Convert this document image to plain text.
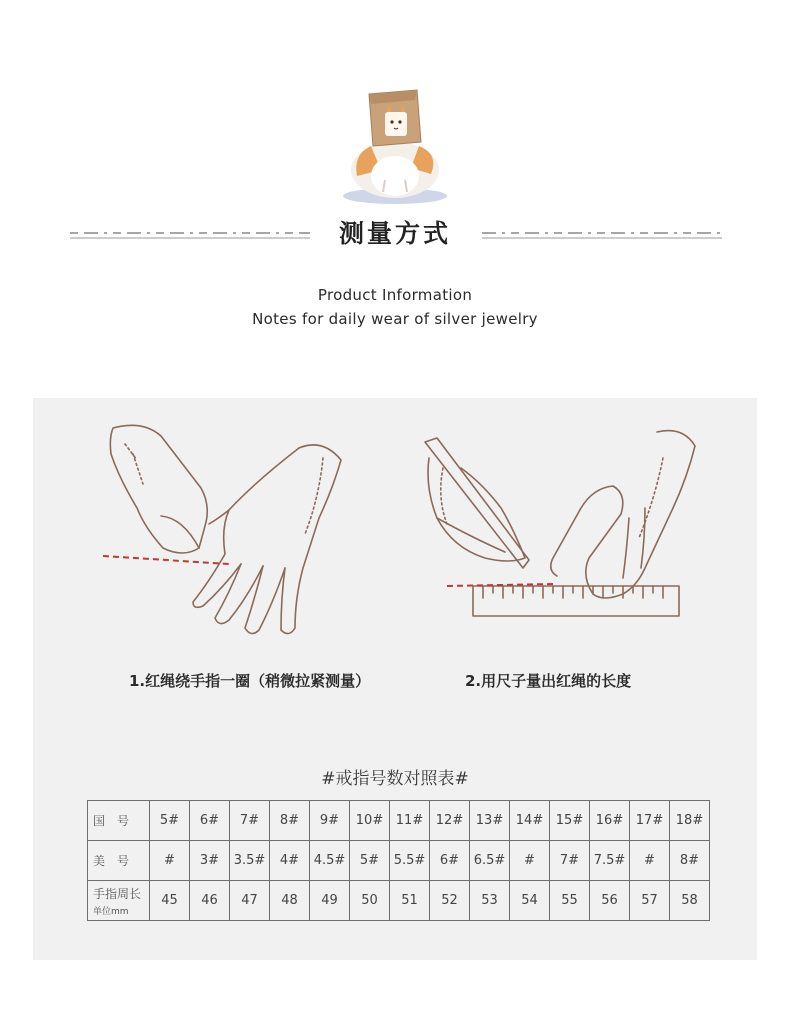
测量方式
Product Information
Notes for daily wear of silver jewelry
1.红绳绕手指一圈（稍微拉紧测量）	2.用尺子量出红绳的长度
#戒指号数对照表#
国　号	5#	6#	7#	8#	9#	10#	11#	12#	13#	14#	15#	16#	17#	18#
美　号	#	3#	3.5#	4#	4.5#	5#	5.5#	6#	6.5#	#	7#	7.5#	#	8#
手指周长
单位mm	45	46	47	48	49	50	51	52	53	54	55	56	57	58
